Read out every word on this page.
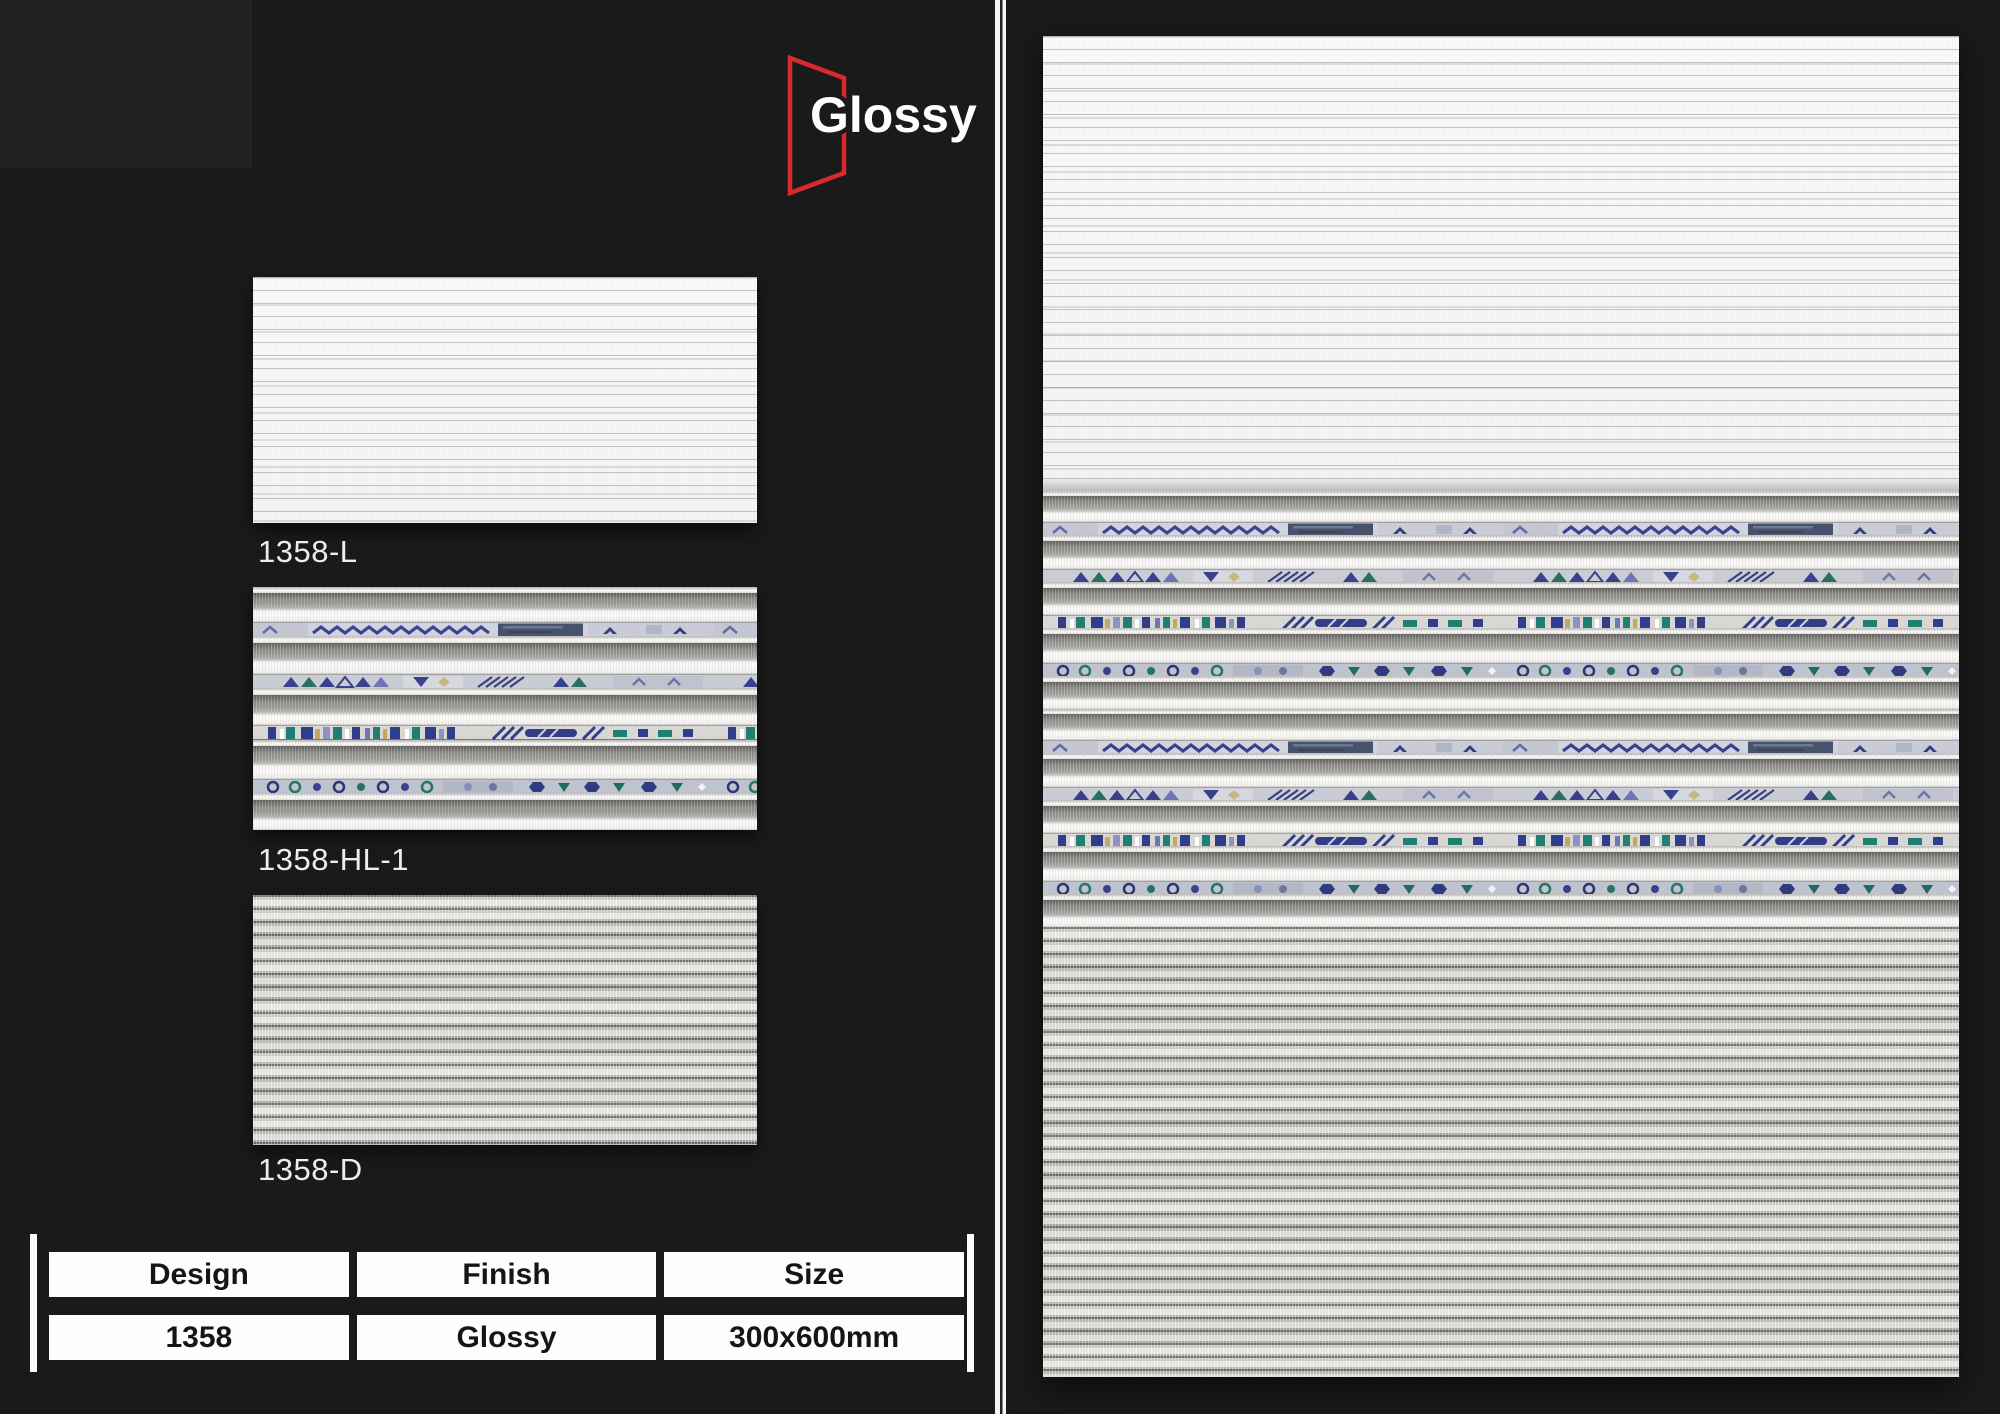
Glossy
1358-L
1358-HL-1
1358-D
Design	Finish	Size
1358	Glossy	300x600mm
